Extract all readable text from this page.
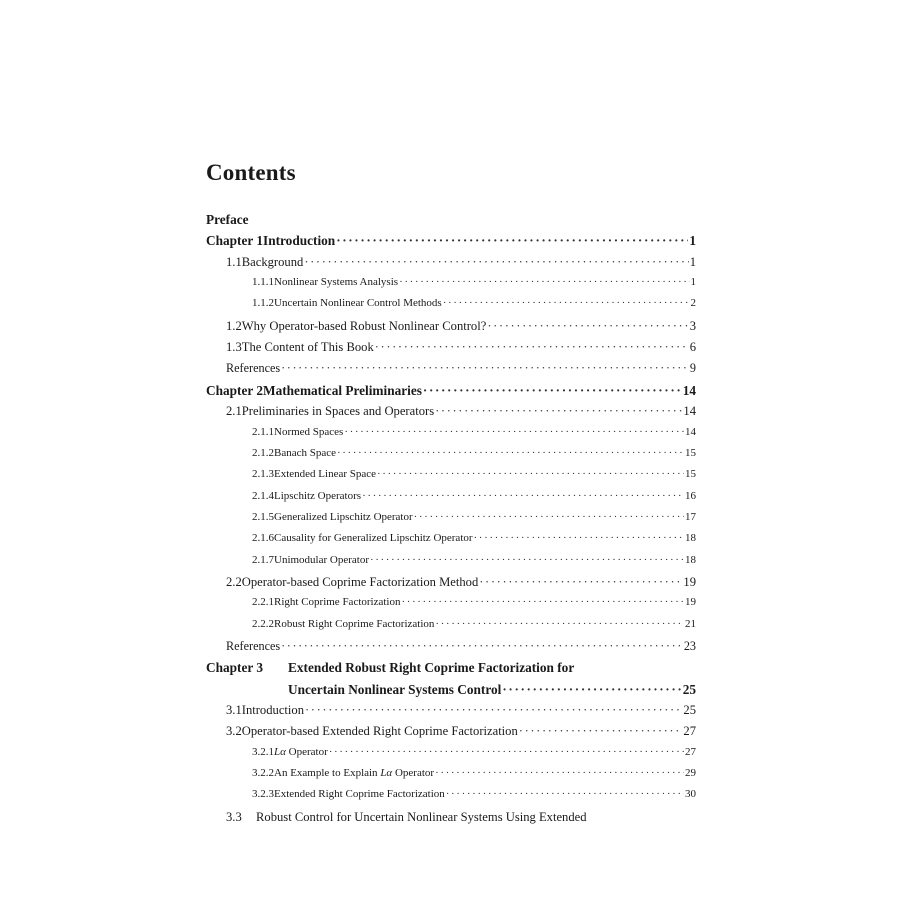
Contents
Preface
Chapter 1 Introduction ·····	1
1.1 Background ·····	1
1.1.1 Nonlinear Systems Analysis ·····	1
1.1.2 Uncertain Nonlinear Control Methods ·····	2
1.2 Why Operator-based Robust Nonlinear Control? ·····	3
1.3 The Content of This Book ·····	6
References ·····	9
Chapter 2 Mathematical Preliminaries ·····	14
2.1 Preliminaries in Spaces and Operators ·····	14
2.1.1 Normed Spaces ·····	14
2.1.2 Banach Space ·····	15
2.1.3 Extended Linear Space ·····	15
2.1.4 Lipschitz Operators ·····	16
2.1.5 Generalized Lipschitz Operator ·····	17
2.1.6 Causality for Generalized Lipschitz Operator ·····	18
2.1.7 Unimodular Operator ·····	18
2.2 Operator-based Coprime Factorization Method ·····	19
2.2.1 Right Coprime Factorization ·····	19
2.2.2 Robust Right Coprime Factorization ·····	21
References ·····	23
Chapter 3	Extended Robust Right Coprime Factorization for
Uncertain Nonlinear Systems Control ·····	25
3.1 Introduction ·····	25
3.2 Operator-based Extended Right Coprime Factorization ·····	27
3.2.1 Lα Operator ·····	27
3.2.2 An Example to Explain Lα Operator ·····	29
3.2.3 Extended Right Coprime Factorization ·····	30
3.3	Robust Control for Uncertain Nonlinear Systems Using Extended
